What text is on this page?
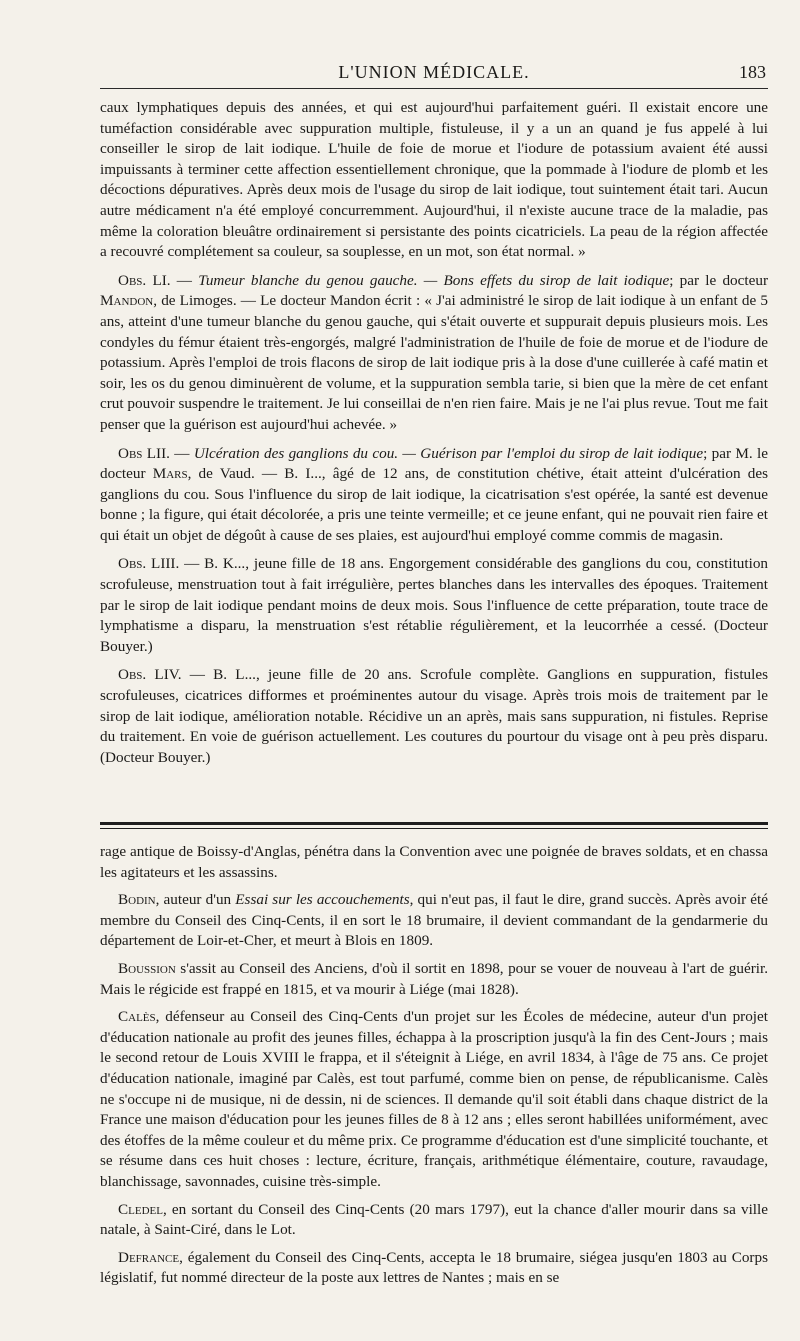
L'UNION MÉDICALE.	183

caux lymphatiques depuis des années, et qui est aujourd'hui parfaitement guéri. Il existait encore une tuméfaction considérable avec suppuration multiple, fistuleuse, il y a un an quand je fus appelé à lui conseiller le sirop de lait iodique. L'huile de foie de morue et l'iodure de potassium avaient été aussi impuissants à terminer cette affection essentiellement chronique, que la pommade à l'iodure de plomb et les décoctions dépuratives. Après deux mois de l'usage du sirop de lait iodique, tout suintement était tari. Aucun autre médicament n'a été employé concurremment. Aujourd'hui, il n'existe aucune trace de la maladie, pas même la coloration bleuâtre ordinairement si persistante des points cicatriciels. La peau de la région affectée a recouvré complétement sa couleur, sa souplesse, en un mot, son état normal. »

Obs. LI. — Tumeur blanche du genou gauche. — Bons effets du sirop de lait iodique; par le docteur Mandon, de Limoges. — Le docteur Mandon écrit : « J'ai administré le sirop de lait iodique à un enfant de 5 ans, atteint d'une tumeur blanche du genou gauche, qui s'était ouverte et suppurait depuis plusieurs mois. Les condyles du fémur étaient très-engorgés, malgré l'administration de l'huile de foie de morue et de l'iodure de potassium. Après l'emploi de trois flacons de sirop de lait iodique pris à la dose d'une cuillerée à café matin et soir, les os du genou diminuèrent de volume, et la suppuration sembla tarie, si bien que la mère de cet enfant crut pouvoir suspendre le traitement. Je lui conseillai de n'en rien faire. Mais je ne l'ai plus revue. Tout me fait penser que la guérison est aujourd'hui achevée. »

Obs LII. — Ulcération des ganglions du cou. — Guérison par l'emploi du sirop de lait iodique; par M. le docteur Mars, de Vaud. — B. I..., âgé de 12 ans, de constitution chétive, était atteint d'ulcération des ganglions du cou. Sous l'influence du sirop de lait iodique, la cicatrisation s'est opérée, la santé est devenue bonne ; la figure, qui était décolorée, a pris une teinte vermeille; et ce jeune enfant, qui ne pouvait rien faire et qui était un objet de dégoût à cause de ses plaies, est aujourd'hui employé comme commis de magasin.

Obs. LIII. — B. K..., jeune fille de 18 ans. Engorgement considérable des ganglions du cou, constitution scrofuleuse, menstruation tout à fait irrégulière, pertes blanches dans les intervalles des époques. Traitement par le sirop de lait iodique pendant moins de deux mois. Sous l'influence de cette préparation, toute trace de lymphatisme a disparu, la menstruation s'est rétablie régulièrement, et la leucorrhée a cessé. (Docteur Bouyer.)

Obs. LIV. — B. L..., jeune fille de 20 ans. Scrofule complète. Ganglions en suppuration, fistules scrofuleuses, cicatrices difformes et proéminentes autour du visage. Après trois mois de traitement par le sirop de lait iodique, amélioration notable. Récidive un an après, mais sans suppuration, ni fistules. Reprise du traitement. En voie de guérison actuellement. Les coutures du pourtour du visage ont à peu près disparu. (Docteur Bouyer.)

rage antique de Boissy-d'Anglas, pénétra dans la Convention avec une poignée de braves soldats, et en chassa les agitateurs et les assassins.

Bodin, auteur d'un Essai sur les accouchements, qui n'eut pas, il faut le dire, grand succès. Après avoir été membre du Conseil des Cinq-Cents, il en sort le 18 brumaire, il devient commandant de la gendarmerie du département de Loir-et-Cher, et meurt à Blois en 1809.

Boussion s'assit au Conseil des Anciens, d'où il sortit en 1898, pour se vouer de nouveau à l'art de guérir. Mais le régicide est frappé en 1815, et va mourir à Liége (mai 1828).

Calès, défenseur au Conseil des Cinq-Cents d'un projet sur les Écoles de médecine, auteur d'un projet d'éducation nationale au profit des jeunes filles, échappa à la proscription jusqu'à la fin des Cent-Jours ; mais le second retour de Louis XVIII le frappa, et il s'éteignit à Liége, en avril 1834, à l'âge de 75 ans. Ce projet d'éducation nationale, imaginé par Calès, est tout parfumé, comme bien on pense, de républicanisme. Calès ne s'occupe ni de musique, ni de dessin, ni de sciences. Il demande qu'il soit établi dans chaque district de la France une maison d'éducation pour les jeunes filles de 8 à 12 ans ; elles seront habillées uniformément, avec des étoffes de la même couleur et du même prix. Ce programme d'éducation est d'une simplicité touchante, et se résume dans ces huit choses : lecture, écriture, français, arithmétique élémentaire, couture, ravaudage, blanchissage, savonnades, cuisine très-simple.

Cledel, en sortant du Conseil des Cinq-Cents (20 mars 1797), eut la chance d'aller mourir dans sa ville natale, à Saint-Ciré, dans le Lot.

Defrance, également du Conseil des Cinq-Cents, accepta le 18 brumaire, siégea jusqu'en 1803 au Corps législatif, fut nommé directeur de la poste aux lettres de Nantes ; mais en se
